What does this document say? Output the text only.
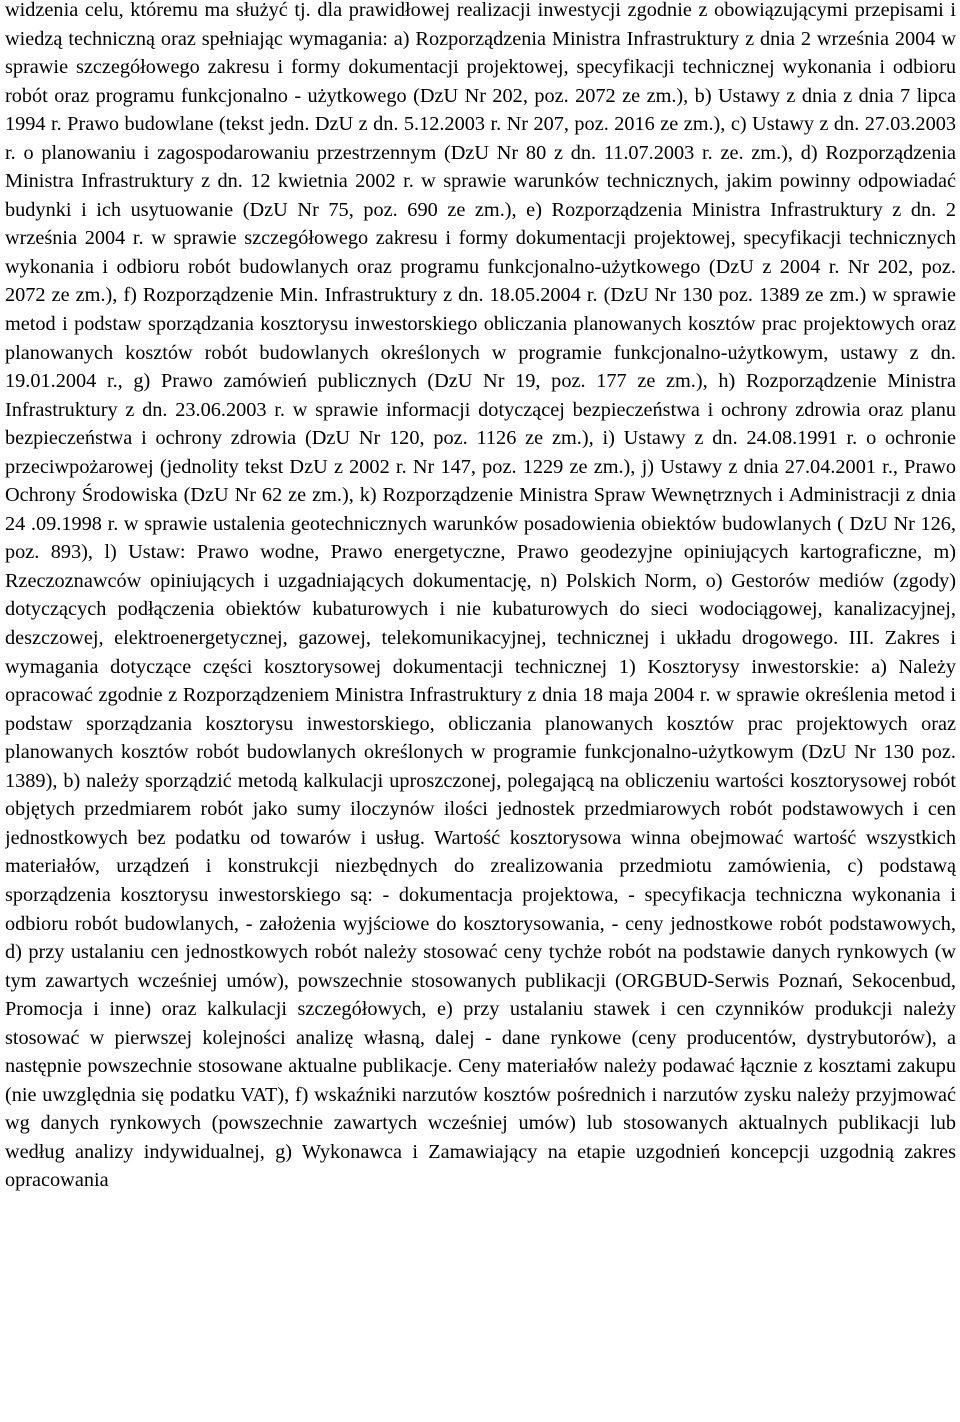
widzenia celu, któremu ma służyć tj. dla prawidłowej realizacji inwestycji zgodnie z obowiązującymi przepisami i wiedzą techniczną oraz spełniając wymagania: a) Rozporządzenia Ministra Infrastruktury z dnia 2 września 2004 w sprawie szczegółowego zakresu i formy dokumentacji projektowej, specyfikacji technicznej wykonania i odbioru robót oraz programu funkcjonalno - użytkowego (DzU Nr 202, poz. 2072 ze zm.), b) Ustawy z dnia z dnia 7 lipca 1994 r. Prawo budowlane (tekst jedn. DzU z dn. 5.12.2003 r. Nr 207, poz. 2016 ze zm.), c) Ustawy z dn. 27.03.2003 r. o planowaniu i zagospodarowaniu przestrzennym (DzU Nr 80 z dn. 11.07.2003 r. ze. zm.), d) Rozporządzenia Ministra Infrastruktury z dn. 12 kwietnia 2002 r. w sprawie warunków technicznych, jakim powinny odpowiadać budynki i ich usytuowanie (DzU Nr 75, poz. 690 ze zm.), e) Rozporządzenia Ministra Infrastruktury z dn. 2 września 2004 r. w sprawie szczegółowego zakresu i formy dokumentacji projektowej, specyfikacji technicznych wykonania i odbioru robót budowlanych oraz programu funkcjonalno-użytkowego (DzU z 2004 r. Nr 202, poz. 2072 ze zm.), f) Rozporządzenie Min. Infrastruktury z dn. 18.05.2004 r. (DzU Nr 130 poz. 1389 ze zm.) w sprawie metod i podstaw sporządzania kosztorysu inwestorskiego obliczania planowanych kosztów prac projektowych oraz planowanych kosztów robót budowlanych określonych w programie funkcjonalno-użytkowym, ustawy z dn. 19.01.2004 r., g) Prawo zamówień publicznych (DzU Nr 19, poz. 177 ze zm.), h) Rozporządzenie Ministra Infrastruktury z dn. 23.06.2003 r. w sprawie informacji dotyczącej bezpieczeństwa i ochrony zdrowia oraz planu bezpieczeństwa i ochrony zdrowia (DzU Nr 120, poz. 1126 ze zm.), i) Ustawy z dn. 24.08.1991 r. o ochronie przeciwpożarowej (jednolity tekst DzU z 2002 r. Nr 147, poz. 1229 ze zm.), j) Ustawy z dnia 27.04.2001 r., Prawo Ochrony Środowiska (DzU Nr 62 ze zm.), k) Rozporządzenie Ministra Spraw Wewnętrznych i Administracji z dnia 24 .09.1998 r. w sprawie ustalenia geotechnicznych warunków posadowienia obiektów budowlanych ( DzU Nr 126, poz. 893), l) Ustaw: Prawo wodne, Prawo energetyczne, Prawo geodezyjne opiniujących kartograficzne, m) Rzeczoznawców opiniujących i uzgadniających dokumentację, n) Polskich Norm, o) Gestorów mediów (zgody) dotyczących podłączenia obiektów kubaturowych i nie kubaturowych do sieci wodociągowej, kanalizacyjnej, deszczowej, elektroenergetycznej, gazowej, telekomunikacyjnej, technicznej i układu drogowego. III. Zakres i wymagania dotyczące części kosztorysowej dokumentacji technicznej 1) Kosztorysy inwestorskie: a) Należy opracować zgodnie z Rozporządzeniem Ministra Infrastruktury z dnia 18 maja 2004 r. w sprawie określenia metod i podstaw sporządzania kosztorysu inwestorskiego, obliczania planowanych kosztów prac projektowych oraz planowanych kosztów robót budowlanych określonych w programie funkcjonalno-użytkowym (DzU Nr 130 poz. 1389), b) należy sporządzić metodą kalkulacji uproszczonej, polegającą na obliczeniu wartości kosztorysowej robót objętych przedmiarem robót jako sumy iloczynów ilości jednostek przedmiarowych robót podstawowych i cen jednostkowych bez podatku od towarów i usług. Wartość kosztorysowa winna obejmować wartość wszystkich materiałów, urządzeń i konstrukcji niezbędnych do zrealizowania przedmiotu zamówienia, c) podstawą sporządzenia kosztorysu inwestorskiego są: - dokumentacja projektowa, - specyfikacja techniczna wykonania i odbioru robót budowlanych, - założenia wyjściowe do kosztorysowania, - ceny jednostkowe robót podstawowych, d) przy ustalaniu cen jednostkowych robót należy stosować ceny tychże robót na podstawie danych rynkowych (w tym zawartych wcześniej umów), powszechnie stosowanych publikacji (ORGBUD-Serwis Poznań, Sekocenbud, Promocja i inne) oraz kalkulacji szczegółowych, e) przy ustalaniu stawek i cen czynników produkcji należy stosować w pierwszej kolejności analizę własną, dalej - dane rynkowe (ceny producentów, dystrybutorów), a następnie powszechnie stosowane aktualne publikacje. Ceny materiałów należy podawać łącznie z kosztami zakupu (nie uwzględnia się podatku VAT), f) wskaźniki narzutów kosztów pośrednich i narzutów zysku należy przyjmować wg danych rynkowych (powszechnie zawartych wcześniej umów) lub stosowanych aktualnych publikacji lub według analizy indywidualnej, g) Wykonawca i Zamawiający na etapie uzgodnień koncepcji uzgodnią zakres opracowania
